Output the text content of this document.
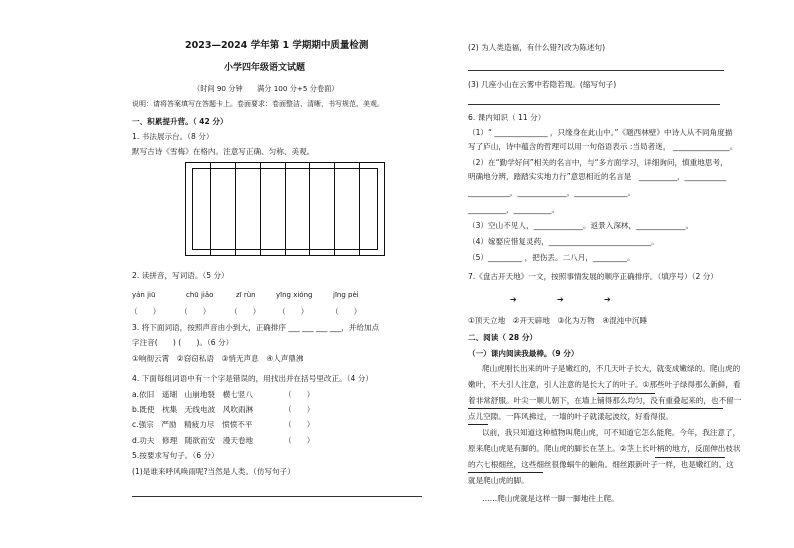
2023—2024 学年第 1 学期期中质量检测
小学四年级语文试题
（时间 90 分钟　　满分 100 分+5 分卷面）
说明：请将答案填写在答题卡上。卷面要求：卷面整洁、清晰，书写规范、美观。
一、积累提升营。（ 42 分）
1. 书法展示台。（8 分）
默写古诗《雪梅》在格内。注意写正确、匀称、美观。
2. 读拼音，写词语。（5 分）
yán jiū	chū jiǎo	zī rùn	yīng xióng	jīng pèi
（　　）	（　　）	（　　） （　　）	（　　）
3. 将下面词语，按照声音由小到大，正确排序 ___ ___ ___ ___，并给加点
字注音(　　) (　　)。（6 分）
①响彻云霄　②窃窃私语　③悄无声息　④人声鼎沸
4. 下面每组词语中有一个字是错误的，用找出并在括号里改正。（4 分）
a.依旧　遥瑚　山崩地裂　横七竖八	（　　）
b.既使　枕集　无线电波　风吹雨淋	（　　）
c.强宗　严励　精疲力尽　愤愤不平	（　　）
d.功夫　修理　随欲而安　漫天卷地	（　　）
5.按要求写句子。（6 分）
(1)是谁来呼风唤雨呢?当然是人类。（仿写句子）
(2) 为人类造福，有什么错?(改为陈述句)
(3) 几座小山在云雾中若隐若现。(缩写句子)
6. 课内知识（ 11 分）
（1）“ ______________ ，只缘身在此山中。”《题西林壁》中诗人从不同角度描
写了庐山，诗中蕴含的哲理可以用一句俗语表示 :当局者迷， _______________。
（2）在“勤学好问”相关的名言中，与“多方面学习，详细询问，慎重地思考，
明确地分辨，踏踏实实地力行”意思相近的名言是　__________，___________
___________，_____________，______________。
__________，__________。
（3）空山不见人，_____________。返景入深林，_____________。
（4）嫁娶应惜复灵药，___________________________。
（5）_________ ，把伤丢。二八月，_________。
7.《盘古开天地》一文，按照事情发展的顺序正确排序。（填序号）（2 分）
➔	➔	➔
①顶天立地　②开天辟地　③化为万物　④混沌中沉睡
二、阅读（ 28 分）
（一）课内阅读我最棒。（9 分）
爬山虎刚长出来的叶子是嫩红的，不几天叶子长大，就变成嫩绿的。爬山虎的
嫩叶，不大引人注意，引人注意的是长大了的叶子。①那些叶子绿得那么新鲜，看
着非常舒服。叶尖一顺儿朝下，在墙上铺得那么均匀，没有重叠起来的，也不留一
点儿空隙。一阵风拂过，一墙的叶子就漾起波纹，好看得很。
以前，我只知道这种植物叫爬山虎，可不知道它怎么能爬。今年，我注意了，
原来爬山虎是有脚的。爬山虎的脚长在茎上。②茎上长叶柄的地方，反面伸出枝状
的六七根细丝，这些细丝很像蜗牛的触角。细丝跟新叶子一样，也是嫩红的。这
就是爬山虎的脚。
……爬山虎就是这样一脚一脚地往上爬。
